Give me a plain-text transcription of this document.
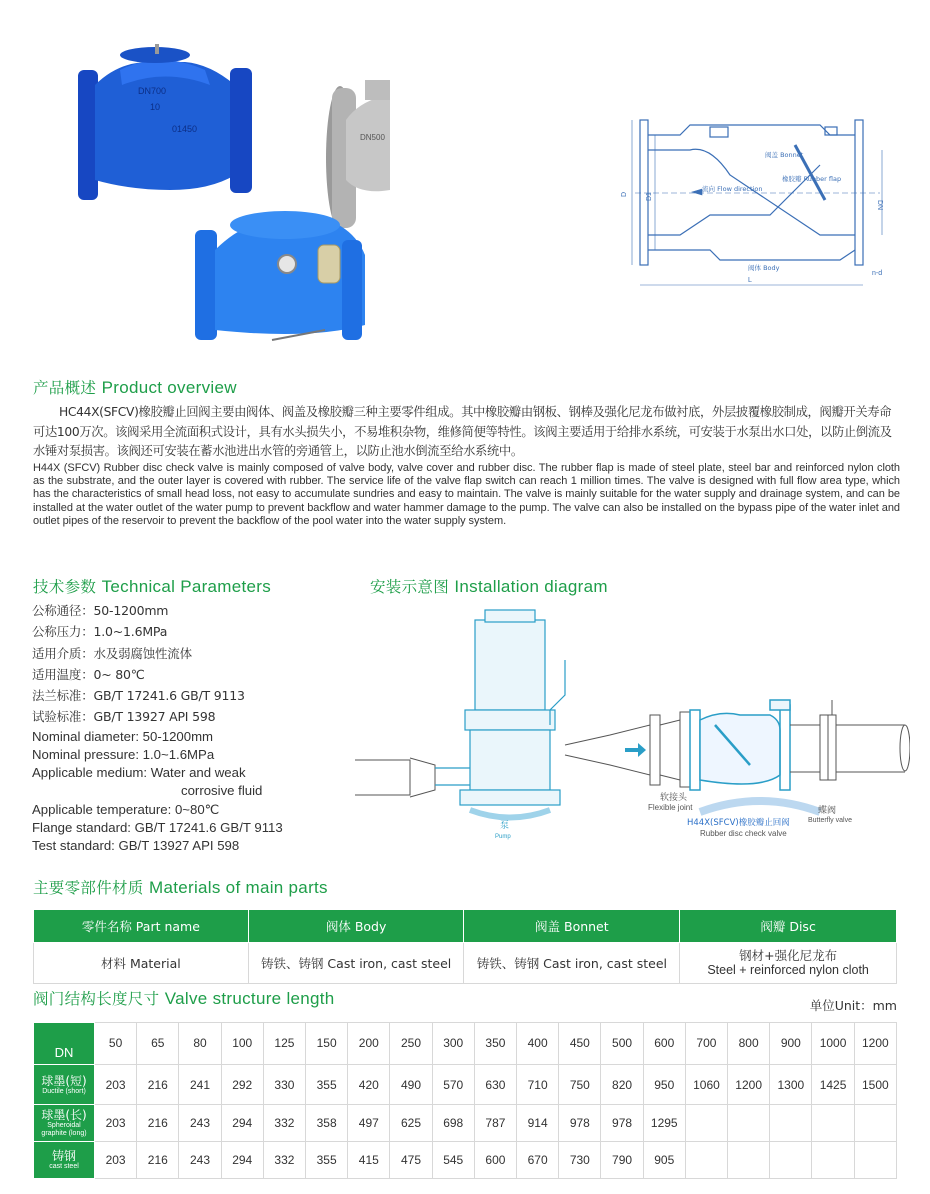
DN700
10
01450
DN500
D	D1
DN
L
n-d
阀盖 Bonnet
橡胶瓣 Rubber flap
流向 Flow direction
阀体 Body
产品概述 Product overview
HC44X(SFCV)橡胶瓣止回阀主要由阀体、阀盖及橡胶瓣三种主要零件组成。其中橡胶瓣由钢板、钢棒及强化尼龙布做衬底，外层披覆橡胶制成，阀瓣开关寿命可达100万次。该阀采用全流面积式设计，具有水头损失小，不易堆积杂物，维修简便等特性。该阀主要适用于给排水系统，可安装于水泵出水口处，以防止倒流及水锤对泵损害。该阀还可安装在蓄水池进出水管的旁通管上，以防止池水倒流至给水系统中。
H44X (SFCV) Rubber disc check valve is mainly composed of valve body, valve cover and rubber disc. The rubber flap is made of steel plate, steel bar and reinforced nylon cloth as the substrate, and the outer layer is covered with rubber. The service life of the valve flap switch can reach 1 million times. The valve is designed with full flow area type, which has the characteristics of small head loss, not easy to accumulate sundries and easy to maintain. The valve is mainly suitable for the water supply and drainage system, and can be installed at the water outlet of the water pump to prevent backflow and water hammer damage to the pump. The valve can also be installed on the bypass pipe of the water inlet and outlet pipes of the reservoir to prevent the backflow of the pool water into the water supply system.
技术参数 Technical Parameters
公称通径：50-1200mm
公称压力：1.0~1.6MPa
适用介质：水及弱腐蚀性流体
适用温度：0~ 80℃
法兰标准：GB/T 17241.6 GB/T 9113
试验标准：GB/T 13927 API 598
Nominal diameter: 50-1200mm
Nominal pressure: 1.0~1.6MPa
Applicable medium: Water and weak
corrosive fluid
Applicable temperature: 0~80℃
Flange standard: GB/T 17241.6 GB/T 9113
Test standard: GB/T 13927 API 598
安装示意图 Installation diagram
泵
Pump
软接头
Flexible joint	蝶阀
Butterfly valve
H44X(SFCV)橡胶瓣止回阀
Rubber disc check valve
主要零部件材质 Materials of main parts
零件名称 Part name	阀体 Body	阀盖 Bonnet	阀瓣 Disc
材料 Material	铸铁、铸钢 Cast iron, cast steel	铸铁、铸钢 Cast iron, cast steel	钢材+强化尼龙布
Steel + reinforced nylon cloth
阀门结构长度尺寸 Valve structure length	单位Unit：mm
DN	50	65	80	100	125	150	200	250	300	350	400	450	500	600	700	800	900	1000	1200

球墨(短)
Ductile (short)	203	216	241	292	330	355	420	490	570	630	710	750	820	950	1060	1200	1300	1425	1500

球墨(长)
Spheroidal graphite (long)	203	216	243	294	332	358	497	625	698	787	914	978	978	1295					

铸钢
cast steel	203	216	243	294	332	355	415	475	545	600	670	730	790	905					
